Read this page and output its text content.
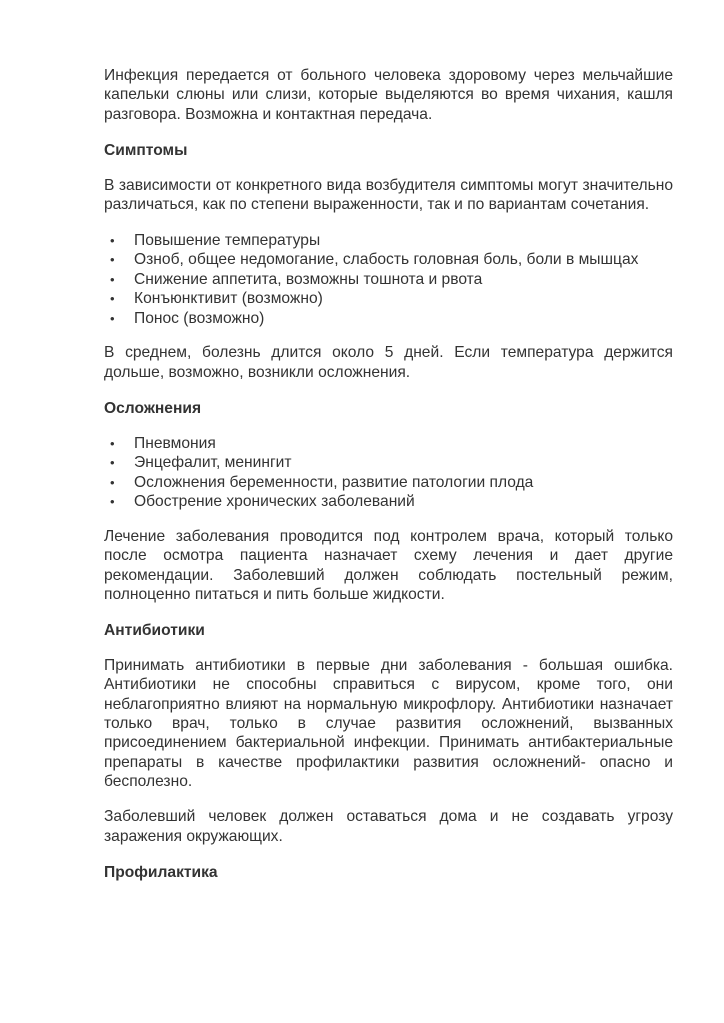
Инфекция передается от больного человека здоровому через мельчайшие капельки слюны или слизи, которые выделяются во время чихания, кашля разговора. Возможна и контактная передача.

Симптомы

В зависимости от конкретного вида возбудителя симптомы могут значительно различаться, как по степени выраженности, так и по вариантам сочетания.

• Повышение температуры
• Озноб, общее недомогание, слабость головная боль, боли в мышцах
• Снижение аппетита, возможны тошнота и рвота
• Конъюнктивит (возможно)
• Понос (возможно)

В среднем, болезнь длится около 5 дней. Если температура держится дольше, возможно, возникли осложнения.

Осложнения
• Пневмония
• Энцефалит, менингит
• Осложнения беременности, развитие патологии плода
• Обострение хронических заболеваний

Лечение заболевания проводится под контролем врача, который только после осмотра пациента назначает схему лечения и дает другие рекомендации. Заболевший должен соблюдать постельный режим, полноценно питаться и пить больше жидкости.

Антибиотики

Принимать антибиотики в первые дни заболевания - большая ошибка. Антибиотики не способны справиться с вирусом, кроме того, они неблагоприятно влияют на нормальную микрофлору. Антибиотики назначает только врач, только в случае развития осложнений, вызванных присоединением бактериальной инфекции. Принимать антибактериальные препараты в качестве профилактики развития осложнений- опасно и бесполезно.

Заболевший человек должен оставаться дома и не создавать угрозу заражения окружающих.

Профилактика
